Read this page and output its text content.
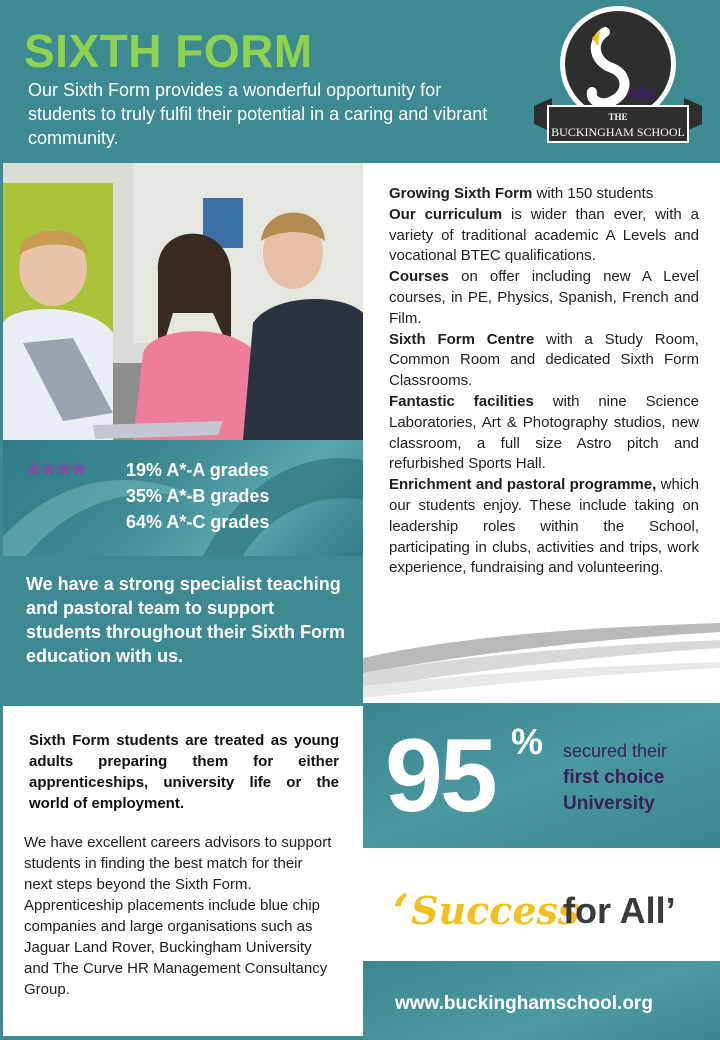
SIXTH FORM
Our Sixth Form provides a wonderful opportunity for students to truly fulfil their potential in a caring and vibrant community.
THE
BUCKINGHAM SCHOOL
**** 19% A*-A grades
35% A*-B grades
64% A*-C grades
We have a strong specialist teaching and pastoral team to support students throughout their Sixth Form education with us.
Growing Sixth Form with 150 students
Our curriculum is wider than ever, with a variety of traditional academic A Levels and vocational BTEC qualifications.
Courses on offer including new A Level courses, in PE, Physics, Spanish, French and Film.
Sixth Form Centre with a Study Room, Common Room and dedicated Sixth Form Classrooms.
Fantastic facilities with nine Science Laboratories, Art & Photography studios, new classroom, a full size Astro pitch and refurbished Sports Hall.
Enrichment and pastoral programme, which our students enjoy. These include taking on leadership roles within the School, participating in clubs, activities and trips, work experience, fundraising and volunteering.
Sixth Form students are treated as young adults preparing them for either apprenticeships, university life or the world of employment.
We have excellent careers advisors to support students in finding the best match for their next steps beyond the Sixth Form. Apprenticeship placements include blue chip companies and large organisations such as Jaguar Land Rover, Buckingham University and The Curve HR Management Consultancy Group.
95 % secured their
first choice University
‘ Success
for All’
www.buckinghamschool.org
